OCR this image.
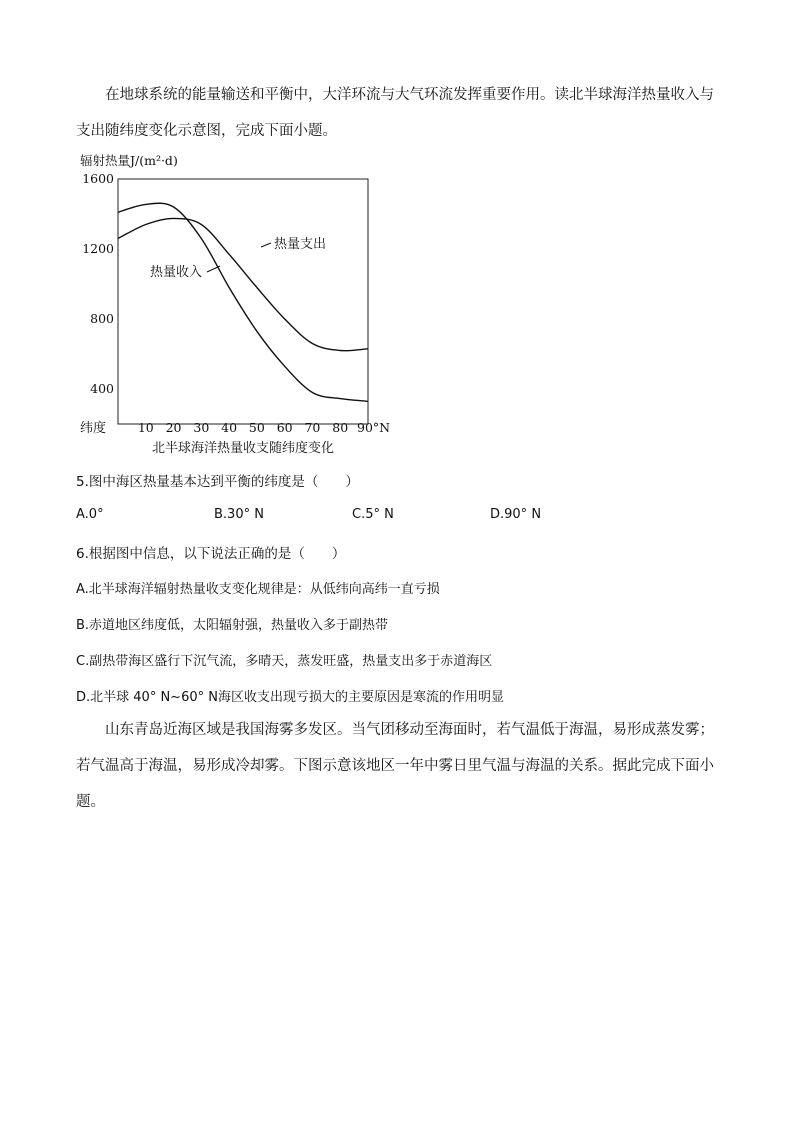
在地球系统的能量输送和平衡中，大洋环流与大气环流发挥重要作用。读北半球海洋热量收入与支出随纬度变化示意图，完成下面小题。
辐射热量J/(m²·d)
1600
1200
800
400
10 20 30 40 50 60 70 80
纬度	90°N
热量支出
热量收入
北半球海洋热量收支随纬度变化
5.图中海区热量基本达到平衡的纬度是（　　）
A.0°	B.30° N	C.5° N	D.90° N
6.根据图中信息，以下说法正确的是（　　）
A.北半球海洋辐射热量收支变化规律是：从低纬向高纬一直亏损
B.赤道地区纬度低，太阳辐射强，热量收入多于副热带
C.副热带海区盛行下沉气流，多晴天，蒸发旺盛，热量支出多于赤道海区
D.北半球 40° N~60° N海区收支出现亏损大的主要原因是寒流的作用明显
山东青岛近海区域是我国海雾多发区。当气团移动至海面时，若气温低于海温，易形成蒸发雾；若气温高于海温，易形成冷却雾。下图示意该地区一年中雾日里气温与海温的关系。据此完成下面小题。
